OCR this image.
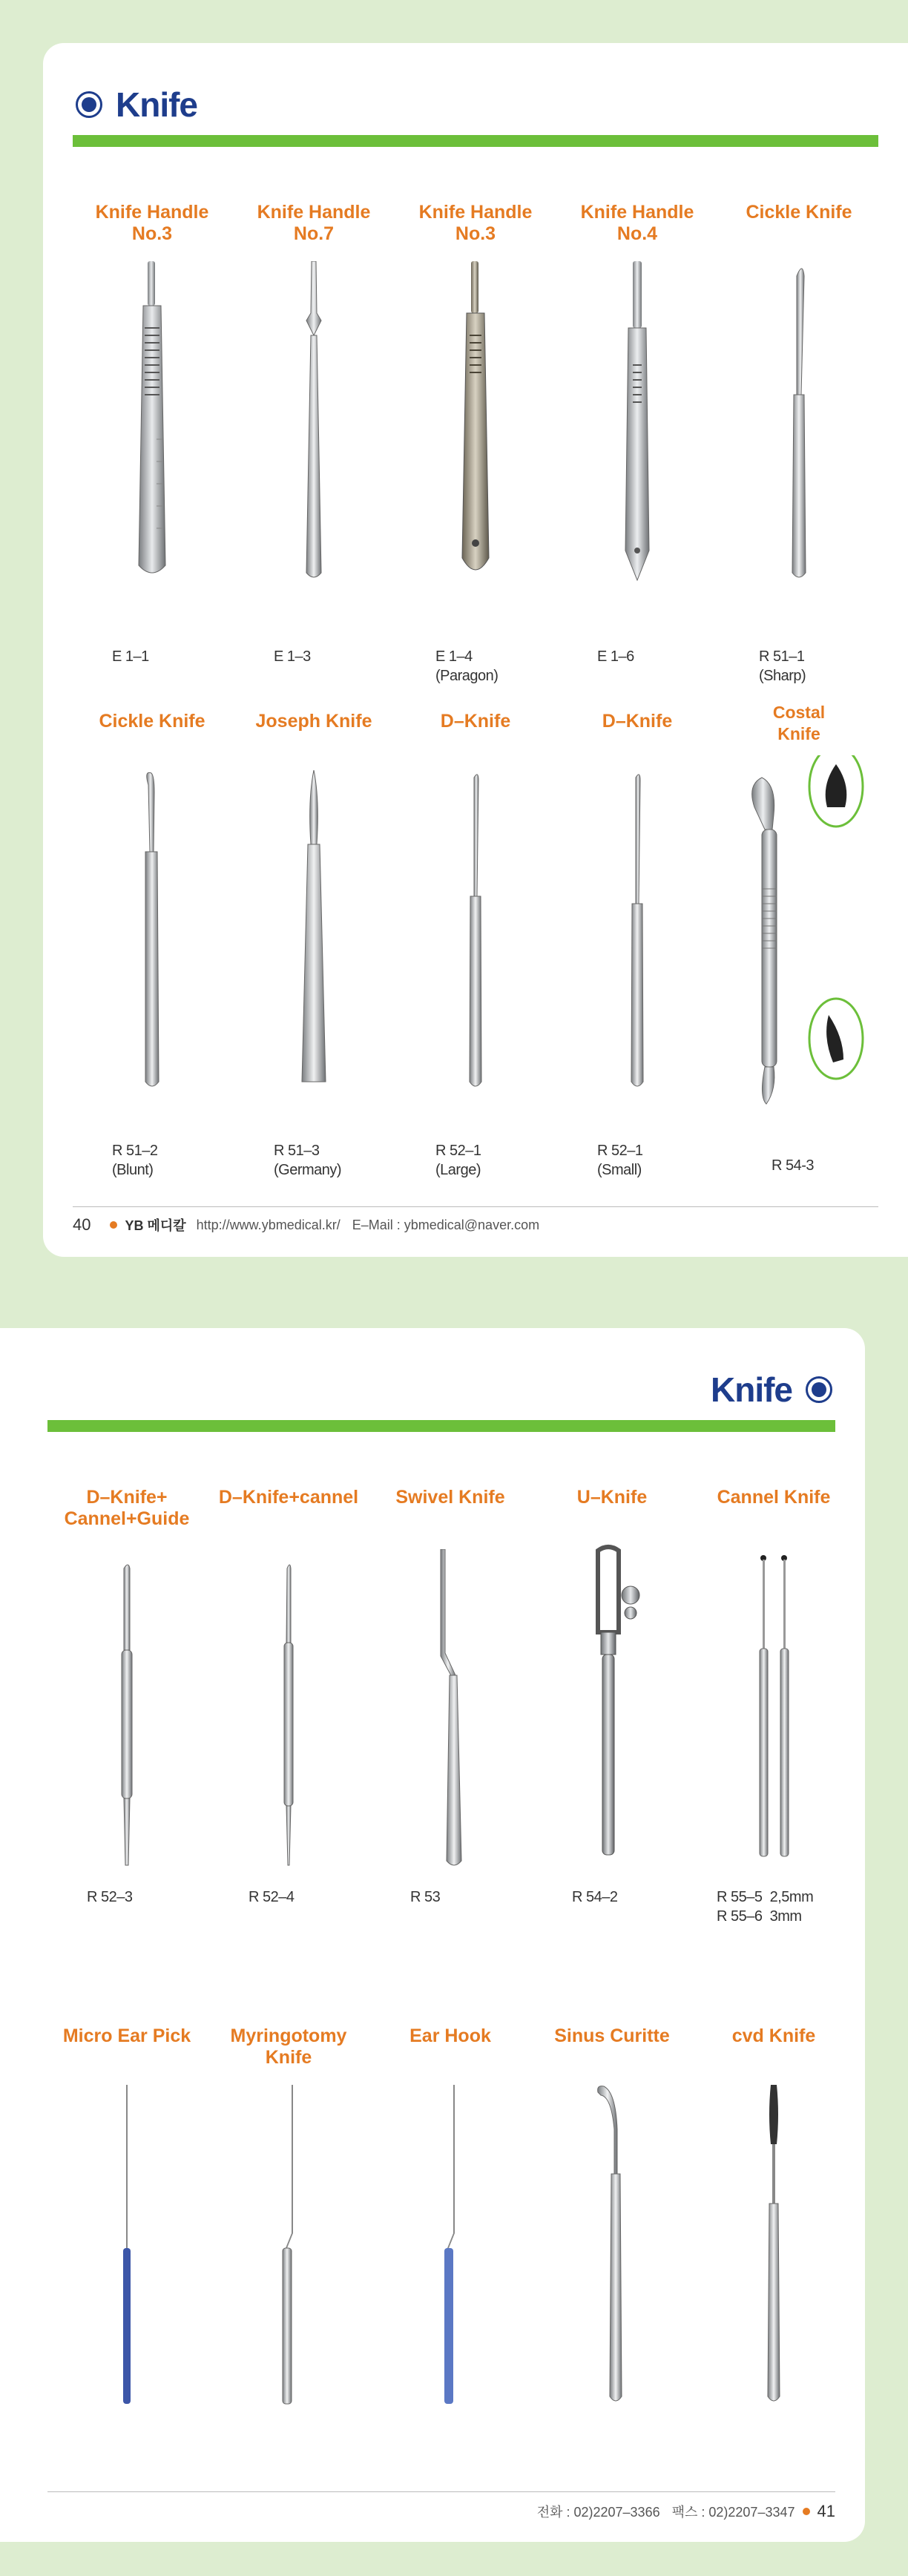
Knife
Knife Handle
No.3
E 1–1
Knife Handle
No.7
E 1–3
Knife Handle
No.3
E 1–4
(Paragon)
Knife Handle
No.4
E 1–6
Cickle Knife
R 51–1
(Sharp)
Cickle Knife
R 51–2
(Blunt)
Joseph Knife
R 51–3
(Germany)
D–Knife
R 52–1
(Large)
D–Knife
R 52–1
(Small)
Costal
Knife
R 54-3
40	YB 메디칼 http://www.ybmedical.kr/ E–Mail : ybmedical@naver.com
Knife
D–Knife+
Cannel+Guide
R 52–3
D–Knife+cannel
R 52–4
Swivel Knife
R 53
U–Knife
R 54–2
Cannel Knife
R 55–5  2,5mm
R 55–6  3mm
Micro Ear Pick	Myringotomy
Knife
Ear Hook	Sinus Curitte	cvd Knife
전화 : 02)2207–3366 팩스 : 02)2207–3347 41
